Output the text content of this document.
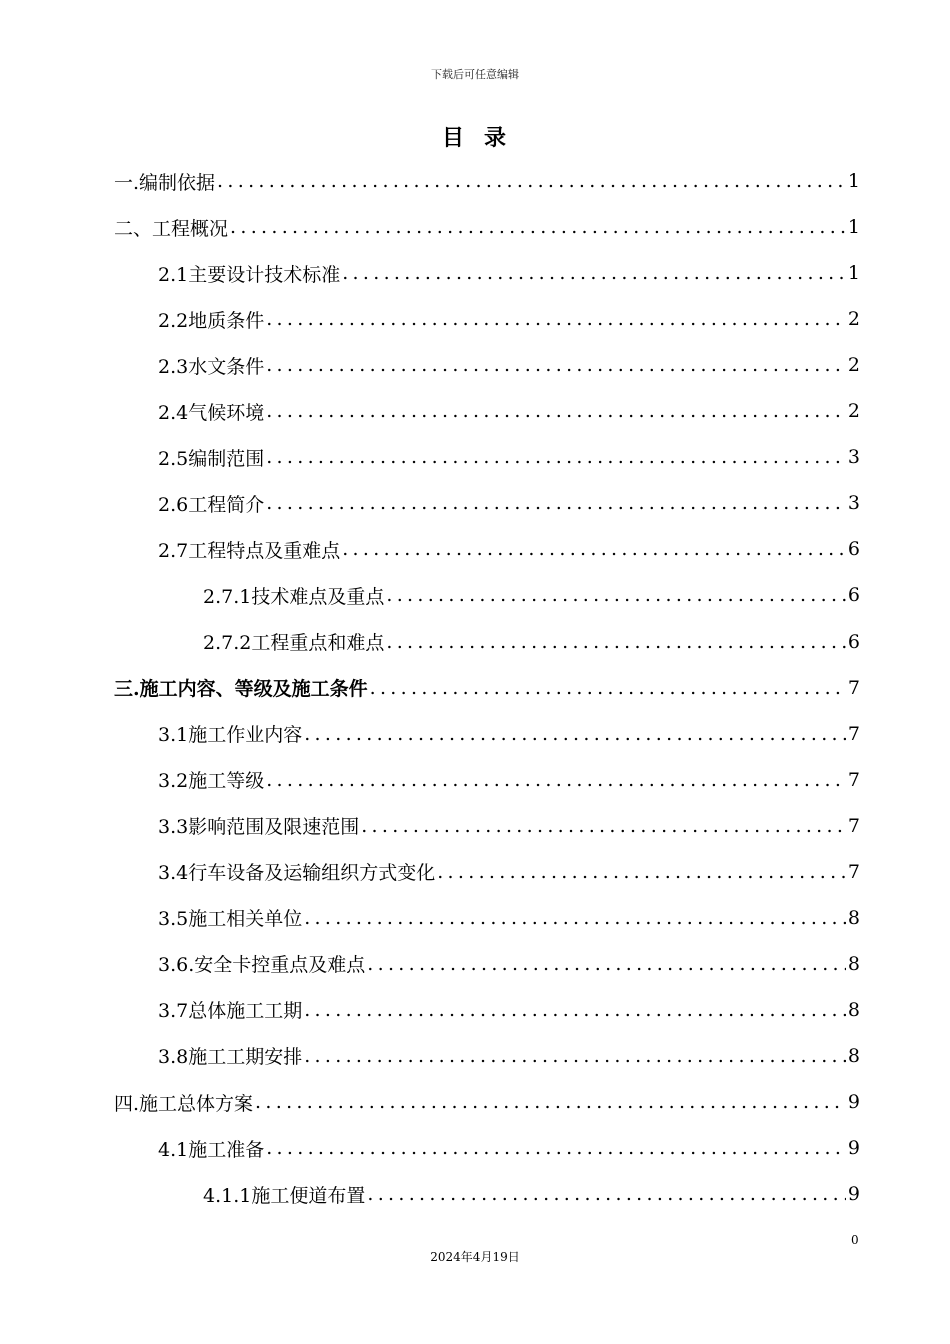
下载后可任意编辑
目录
一.编制依据 .....	1
二、工程概况 .....	1
2.1主要设计技术标准 .....	1
2.2地质条件 .....	2
2.3水文条件 .....	2
2.4气候环境 .....	2
2.5编制范围 .....	3
2.6工程简介 .....	3
2.7工程特点及重难点 .....	6
2.7.1技术难点及重点 .....	6
2.7.2工程重点和难点 .....	6
三.施工内容、等级及施工条件 .....	7
3.1施工作业内容 .....	7
3.2施工等级 .....	7
3.3影响范围及限速范围 .....	7
3.4行车设备及运输组织方式变化 .....	7
3.5施工相关单位 .....	8
3.6.安全卡控重点及难点 .....	8
3.7总体施工工期 .....	8
3.8施工工期安排 .....	8
四.施工总体方案 .....	9
4.1施工准备 .....	9
4.1.1施工便道布置 .....	9
0
2024年4月19日
